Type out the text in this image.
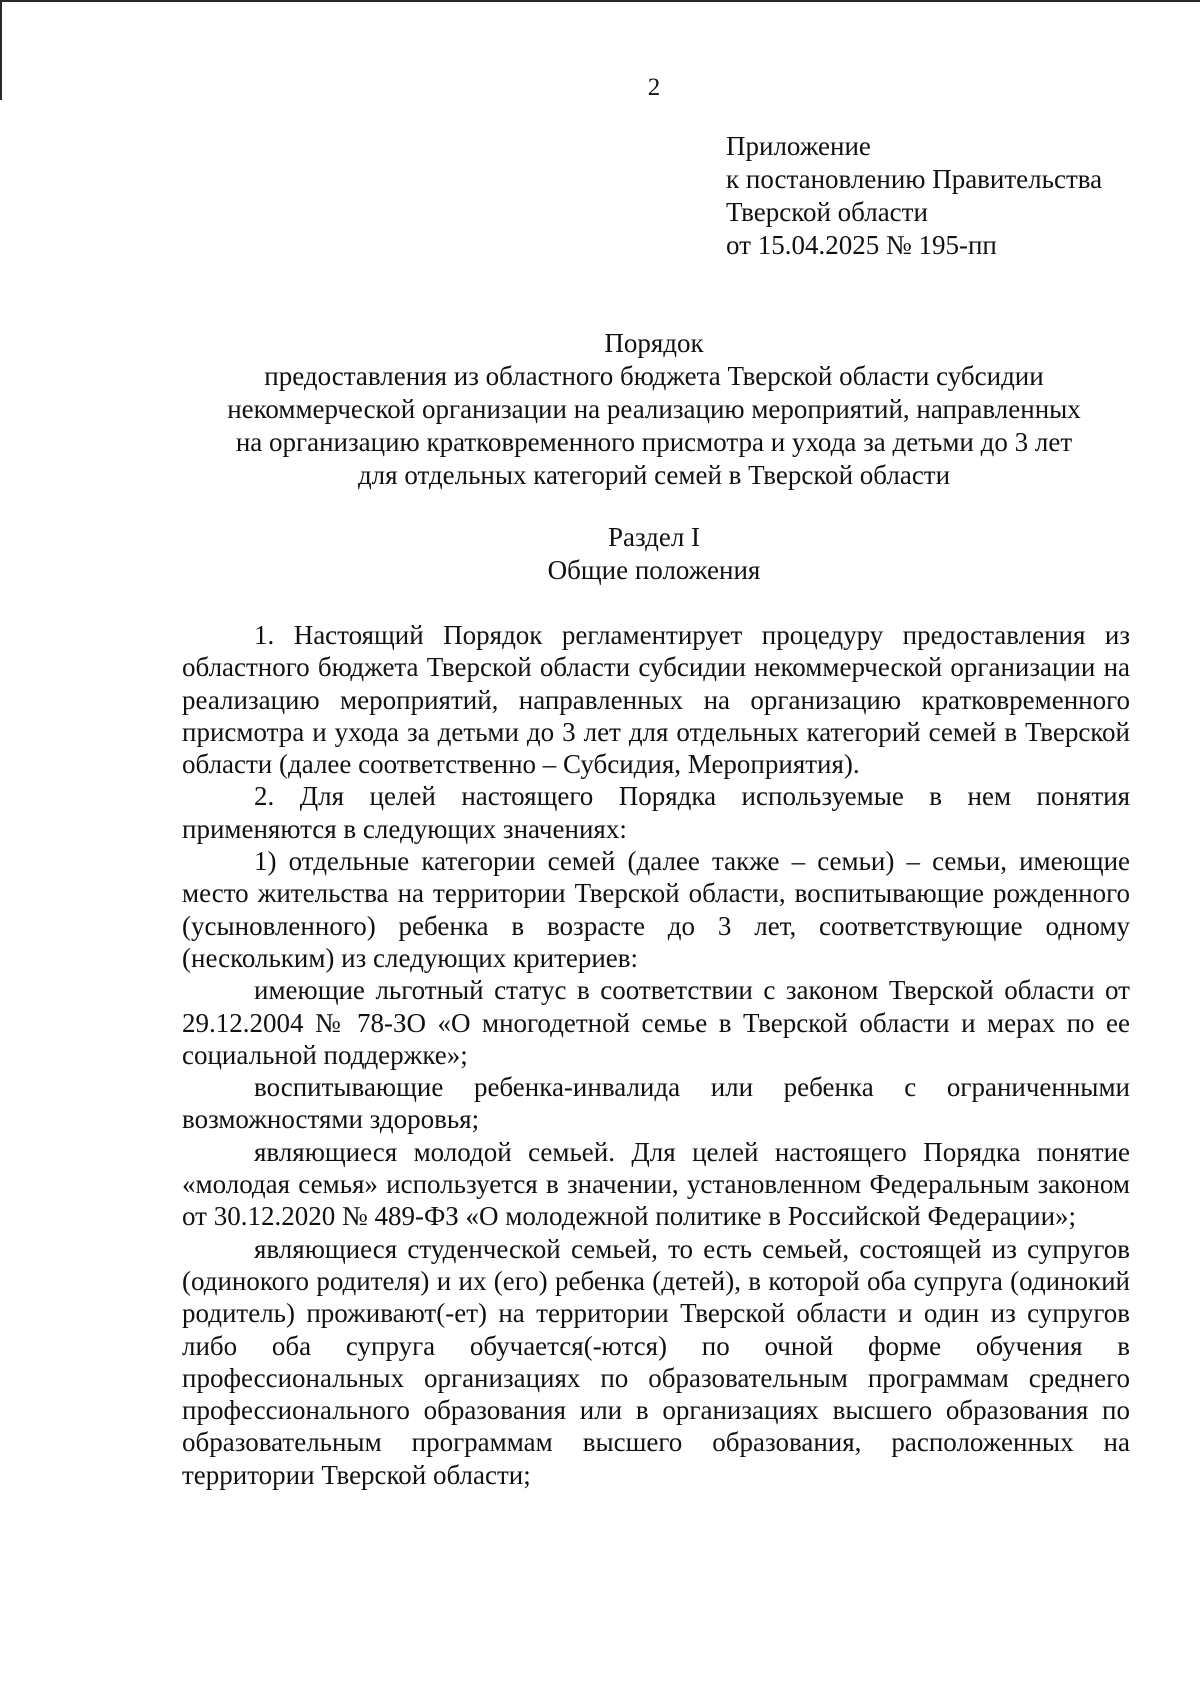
2
Приложение
к постановлению Правительства
Тверской области
от 15.04.2025 № 195-пп
Порядок
предоставления из областного бюджета Тверской области субсидии
некоммерческой организации на реализацию мероприятий, направленных
на организацию кратковременного присмотра и ухода за детьми до 3 лет
для отдельных категорий семей в Тверской области
Раздел I
Общие положения

1. Настоящий Порядок регламентирует процедуру предоставления из областного бюджета Тверской области субсидии некоммерческой организации на реализацию мероприятий, направленных на организацию кратковременного присмотра и ухода за детьми до 3 лет для отдельных категорий семей в Тверской области (далее соответственно – Субсидия, Мероприятия).

2. Для целей настоящего Порядка используемые в нем понятия применяются в следующих значениях:

1) отдельные категории семей (далее также – семьи) – семьи, имеющие место жительства на территории Тверской области, воспитывающие рожденного (усыновленного) ребенка в возрасте до 3 лет, соответствующие одному (нескольким) из следующих критериев:

имеющие льготный статус в соответствии с законом Тверской области от 29.12.2004 № 78-ЗО «О многодетной семье в Тверской области и мерах по ее социальной поддержке»;

воспитывающие ребенка-инвалида или ребенка с ограниченными возможностями здоровья;

являющиеся молодой семьей. Для целей настоящего Порядка понятие «молодая семья» используется в значении, установленном Федеральным законом от 30.12.2020 № 489-ФЗ «О молодежной политике в Российской Федерации»;

являющиеся студенческой семьей, то есть семьей, состоящей из супругов (одинокого родителя) и их (его) ребенка (детей), в которой оба супруга (одинокий родитель) проживают(-ет) на территории Тверской области и один из супругов либо оба супруга обучается(-ются) по очной форме обучения в профессиональных организациях по образовательным программам среднего профессионального образования или в организациях высшего образования по образовательным программам высшего образования, расположенных на территории Тверской области;
